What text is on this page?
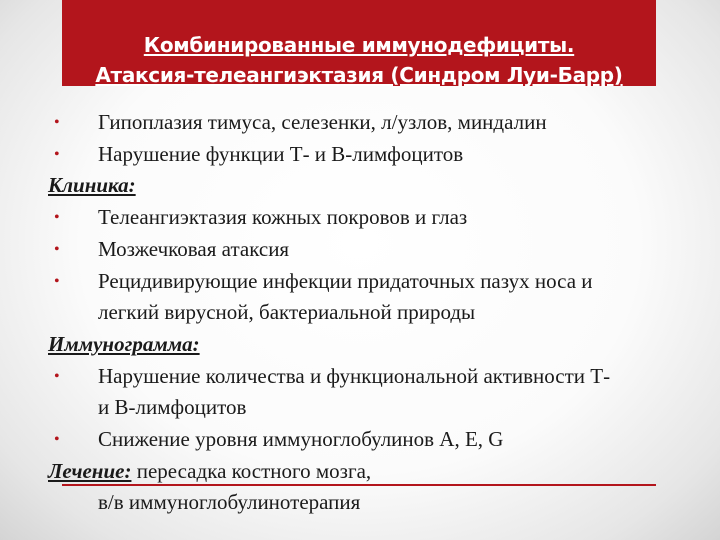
Комбинированные иммунодефициты.
Атаксия-телеангиэктазия (Синдром Луи-Барр)
•	Гипоплазия тимуса, селезенки, л/узлов, миндалин
•	Нарушение функции Т- и В-лимфоцитов
Клиника:
•	Телеангиэктазия кожных покровов и глаз
•	Мозжечковая атаксия
•	Рецидивирующие инфекции придаточных пазух носа и
легкий вирусной, бактериальной природы
Иммунограмма:
•	Нарушение количества и функциональной активности Т-
и В-лимфоцитов
•	Снижение уровня иммуноглобулинов А, Е, G
Лечение: пересадка костного мозга,
в/в иммуноглобулинотерапия
